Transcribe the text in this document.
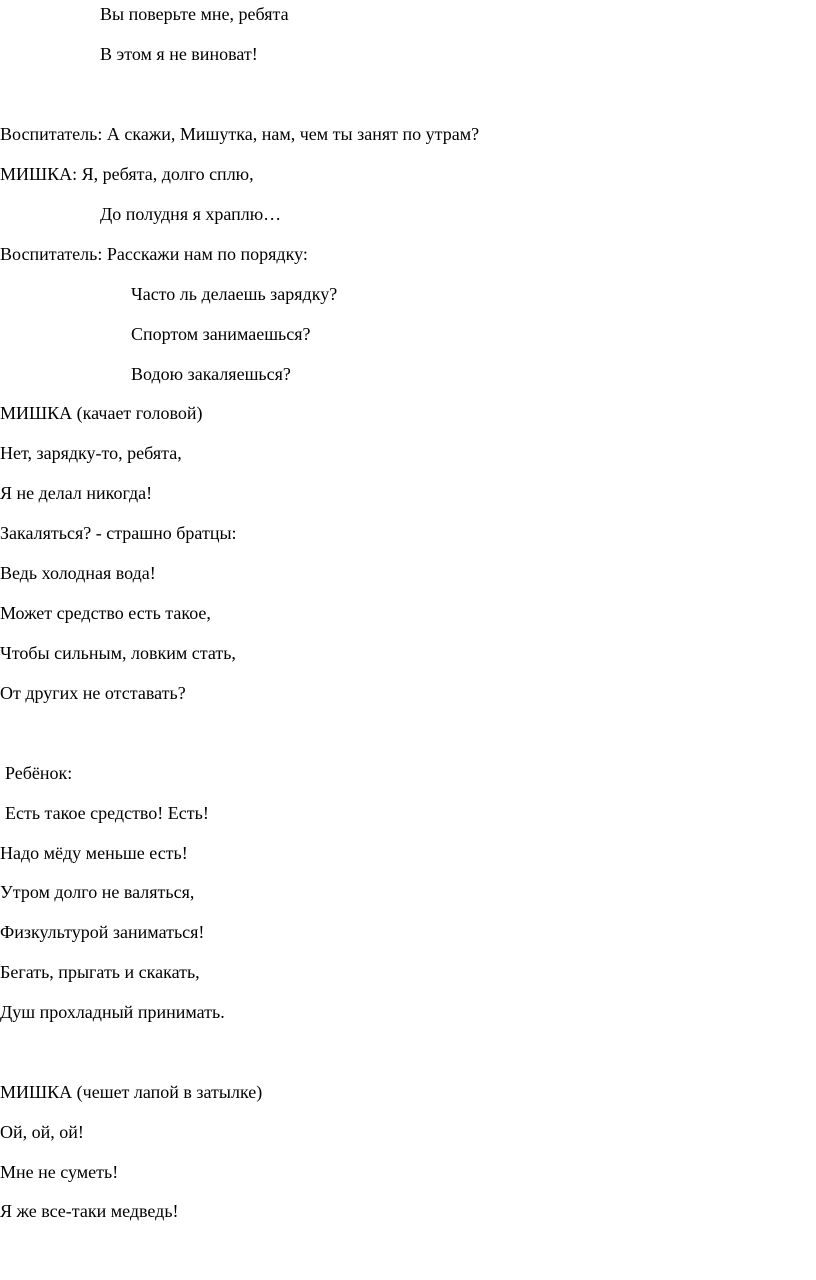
Вы поверьте мне, ребята
В этом я не виноват!
Воспитатель: А скажи, Мишутка, нам, чем ты занят по утрам?
МИШКА: Я, ребята, долго сплю,
До полудня я храплю…
Воспитатель: Расскажи нам по порядку:
Часто ль делаешь зарядку?
Спортом занимаешься?
Водою закаляешься?
МИШКА (качает головой)
Нет, зарядку-то, ребята,
Я не делал никогда!
Закаляться? - страшно братцы:
Ведь холодная вода!
Может средство есть такое,
Чтобы сильным, ловким стать,
От других не отставать?
Ребёнок:
Есть такое средство! Есть!
Надо мёду меньше есть!
Утром долго не валяться,
Физкультурой заниматься!
Бегать, прыгать и скакать,
Душ прохладный принимать.
МИШКА (чешет лапой в затылке)
Ой, ой, ой!
Мне не суметь!
Я же все-таки медведь!
